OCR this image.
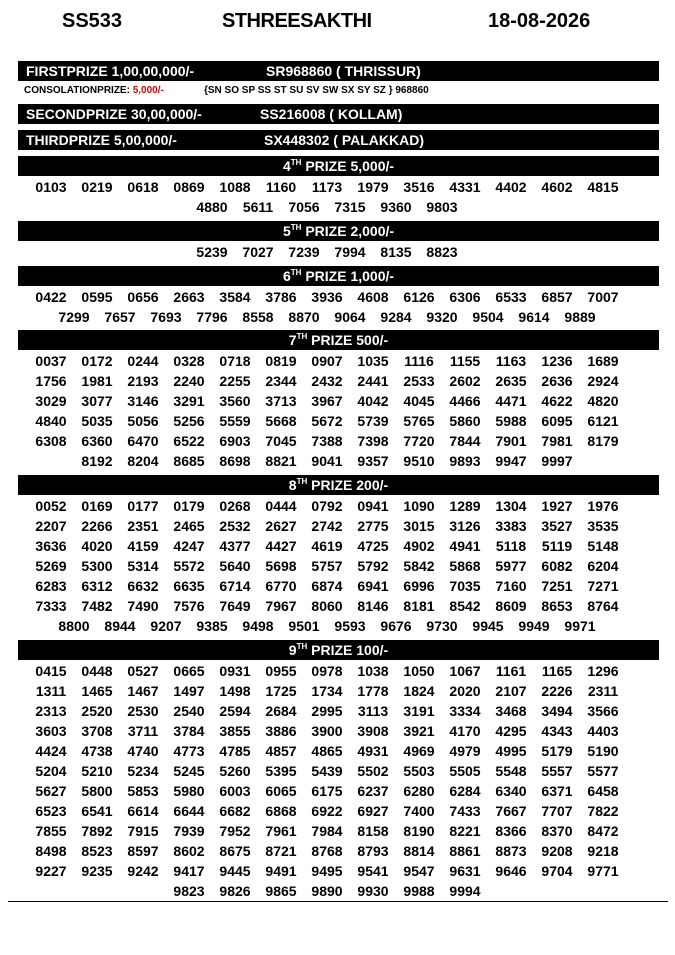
SS533	STHREESAKTHI	18-08-2026
FIRSTPRIZE 1,00,00,000/-	SR968860 ( THRISSUR)
CONSOLATIONPRIZE: 5,000/-	{SN SO SP SS ST SU SV SW SX SY SZ } 968860
SECONDPRIZE 30,00,000/-	SS216008 ( KOLLAM)
THIRDPRIZE 5,00,000/-	SX448302 ( PALAKKAD)
4TH PRIZE 5,000/-
0103	0219	0618	0869	1088	1160	1173	1979	3516	4331	4402	4602	4815
4880	5611	7056	7315	9360	9803
5TH PRIZE 2,000/-
5239	7027	7239	7994	8135	8823
6TH PRIZE 1,000/-
0422	0595	0656	2663	3584	3786	3936	4608	6126	6306	6533	6857	7007
7299	7657	7693	7796	8558	8870	9064	9284	9320	9504	9614	9889
7TH PRIZE 500/-
0037	0172	0244	0328	0718	0819	0907	1035	1116	1155	1163	1236	1689
1756	1981	2193	2240	2255	2344	2432	2441	2533	2602	2635	2636	2924
3029	3077	3146	3291	3560	3713	3967	4042	4045	4466	4471	4622	4820
4840	5035	5056	5256	5559	5668	5672	5739	5765	5860	5988	6095	6121
6308	6360	6470	6522	6903	7045	7388	7398	7720	7844	7901	7981	8179
8192	8204	8685	8698	8821	9041	9357	9510	9893	9947	9997
8TH PRIZE 200/-
0052	0169	0177	0179	0268	0444	0792	0941	1090	1289	1304	1927	1976
2207	2266	2351	2465	2532	2627	2742	2775	3015	3126	3383	3527	3535
3636	4020	4159	4247	4377	4427	4619	4725	4902	4941	5118	5119	5148
5269	5300	5314	5572	5640	5698	5757	5792	5842	5868	5977	6082	6204
6283	6312	6632	6635	6714	6770	6874	6941	6996	7035	7160	7251	7271
7333	7482	7490	7576	7649	7967	8060	8146	8181	8542	8609	8653	8764
8800	8944	9207	9385	9498	9501	9593	9676	9730	9945	9949	9971
9TH PRIZE 100/-
0415	0448	0527	0665	0931	0955	0978	1038	1050	1067	1161	1165	1296
1311	1465	1467	1497	1498	1725	1734	1778	1824	2020	2107	2226	2311
2313	2520	2530	2540	2594	2684	2995	3113	3191	3334	3468	3494	3566
3603	3708	3711	3784	3855	3886	3900	3908	3921	4170	4295	4343	4403
4424	4738	4740	4773	4785	4857	4865	4931	4969	4979	4995	5179	5190
5204	5210	5234	5245	5260	5395	5439	5502	5503	5505	5548	5557	5577
5627	5800	5853	5980	6003	6065	6175	6237	6280	6284	6340	6371	6458
6523	6541	6614	6644	6682	6868	6922	6927	7400	7433	7667	7707	7822
7855	7892	7915	7939	7952	7961	7984	8158	8190	8221	8366	8370	8472
8498	8523	8597	8602	8675	8721	8768	8793	8814	8861	8873	9208	9218
9227	9235	9242	9417	9445	9491	9495	9541	9547	9631	9646	9704	9771
9823	9826	9865	9890	9930	9988	9994
